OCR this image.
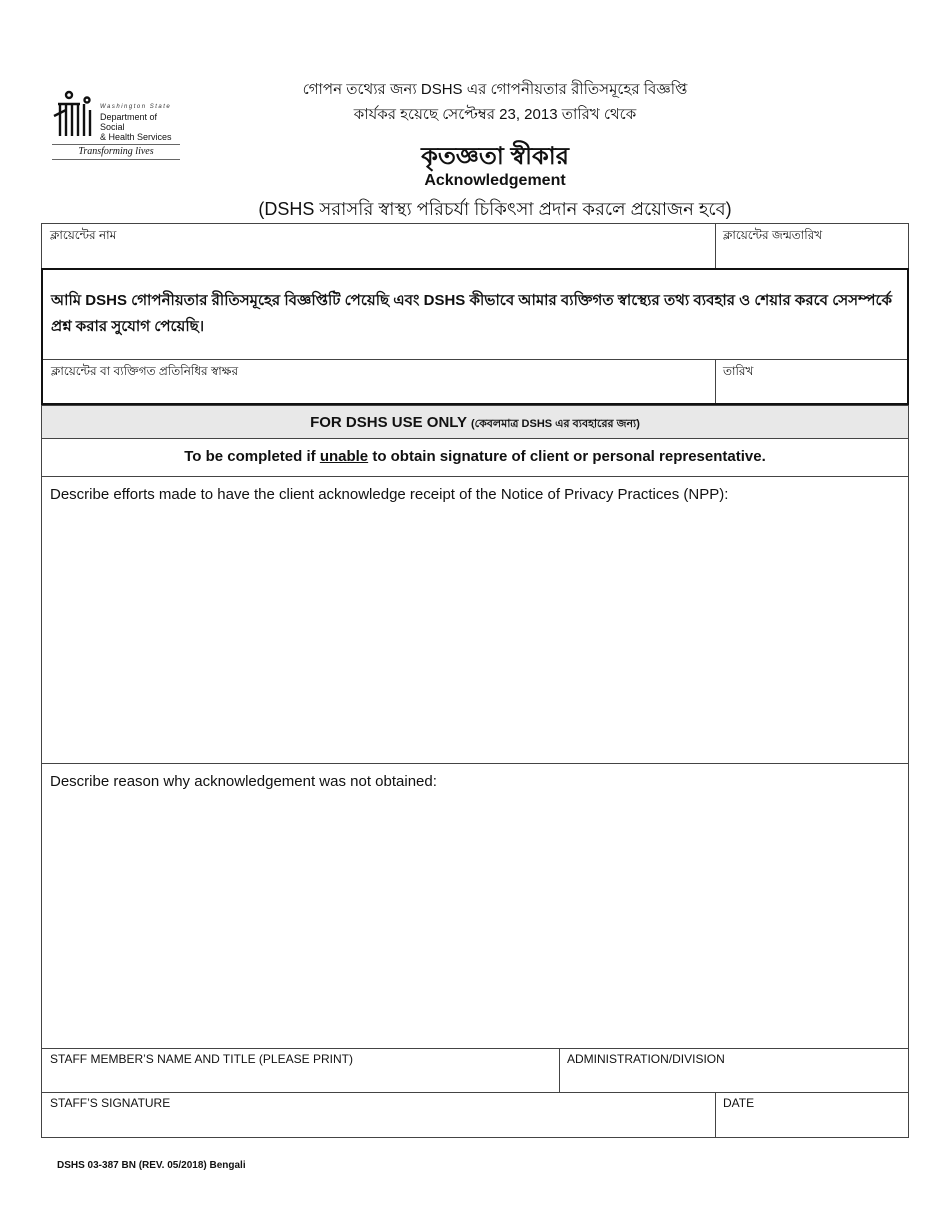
Washington State
Department of Social
& Health Services
Transforming lives
গোপন তথ্যের জন্য DSHS এর গোপনীয়তার রীতিসমূহের বিজ্ঞপ্তি
কার্যকর হয়েছে সেপ্টেম্বর 23, 2013 তারিখ থেকে
কৃতজ্ঞতা স্বীকার
Acknowledgement
(DSHS সরাসরি স্বাস্থ্য পরিচর্যা চিকিৎসা প্রদান করলে প্রয়োজন হবে)
ক্লায়েন্টের নাম	ক্লায়েন্টের জন্মতারিখ
আমি DSHS গোপনীয়তার রীতিসমূহের বিজ্ঞপ্তিটি পেয়েছি এবং DSHS কীভাবে আমার ব্যক্তিগত স্বাস্থ্যের তথ্য ব্যবহার ও শেয়ার করবে সেসম্পর্কে প্রশ্ন করার সুযোগ পেয়েছি।
ক্লায়েন্টের বা ব্যক্তিগত প্রতিনিধির স্বাক্ষর	তারিখ
FOR DSHS USE ONLY (কেবলমাত্র DSHS এর ব্যবহারের জন্য)
To be completed if unable to obtain signature of client or personal representative.
Describe efforts made to have the client acknowledge receipt of the Notice of Privacy Practices (NPP):
Describe reason why acknowledgement was not obtained:
STAFF MEMBER’S NAME AND TITLE (PLEASE PRINT)	ADMINISTRATION/DIVISION
STAFF’S SIGNATURE	DATE
DSHS 03-387 BN (REV. 05/2018) Bengali
